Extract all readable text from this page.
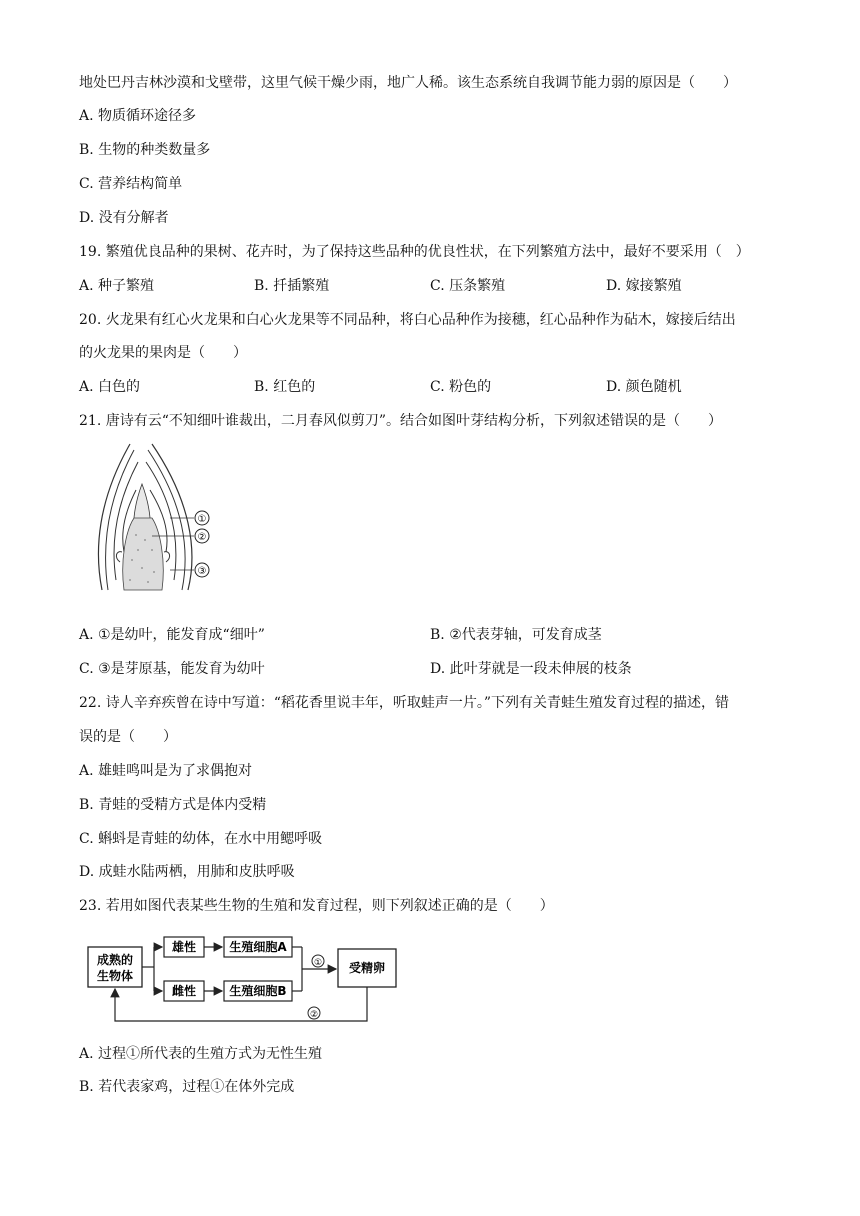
地处巴丹吉林沙漠和戈壁带，这里气候干燥少雨，地广人稀。该生态系统自我调节能力弱的原因是（　　）
A. 物质循环途径多
B. 生物的种类数量多
C. 营养结构简单
D. 没有分解者
19. 繁殖优良品种的果树、花卉时，为了保持这些品种的优良性状，在下列繁殖方法中，最好不要采用（　）
A. 种子繁殖	B. 扦插繁殖	C. 压条繁殖	D. 嫁接繁殖
20. 火龙果有红心火龙果和白心火龙果等不同品种，将白心品种作为接穗，红心品种作为砧木，嫁接后结出
的火龙果的果肉是（　　）
A. 白色的	B. 红色的	C. 粉色的	D. 颜色随机
21. 唐诗有云“不知细叶谁裁出，二月春风似剪刀”。结合如图叶芽结构分析，下列叙述错误的是（　　）
①
②
③
A. ①是幼叶，能发育成“细叶”	B. ②代表芽轴，可发育成茎
C. ③是芽原基，能发育为幼叶	D. 此叶芽就是一段未伸展的枝条
22. 诗人辛弃疾曾在诗中写道：“稻花香里说丰年，听取蛙声一片。”下列有关青蛙生殖发育过程的描述，错
误的是（　　）
A. 雄蛙鸣叫是为了求偶抱对
B. 青蛙的受精方式是体内受精
C. 蝌蚪是青蛙的幼体，在水中用鳃呼吸
D. 成蛙水陆两栖，用肺和皮肤呼吸
23. 若用如图代表某些生物的生殖和发育过程，则下列叙述正确的是（　　）
成熟的
生物体
雄性
雌性
生殖细胞A
生殖细胞B
① 受精卵
②
A. 过程①所代表的生殖方式为无性生殖
B. 若代表家鸡，过程①在体外完成
